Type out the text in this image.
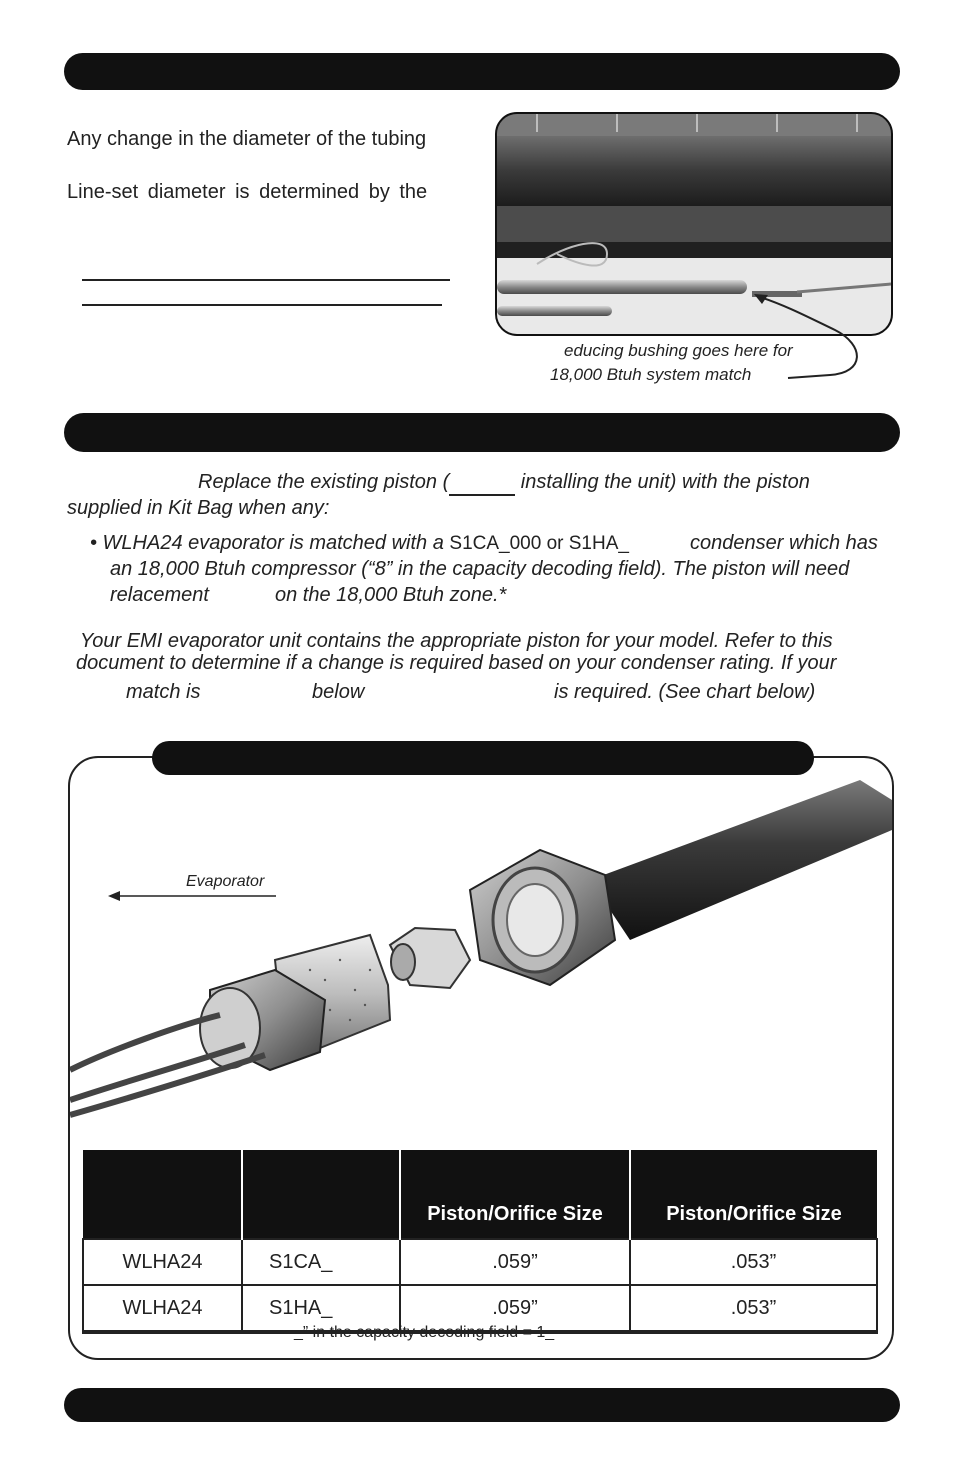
Any change in the diameter of the tubing
Line-set diameter is determined by the
educing bushing goes here for
18,000 Btuh system match
Replace the existing piston (	installing the unit) with the piston
supplied in Kit Bag when any:
• WLHA24 evaporator is matched with a S1CA_000 or S1HA_	condenser which has
an 18,000 Btuh compressor (“8” in the capacity decoding field). The piston will need
relacement	on the 18,000 Btuh zone.*
Your EMI evaporator unit contains the appropriate piston for your model. Refer to this
document to determine if a change is required based on your condenser rating. If your
match is	below	is required. (See chart below)
Evaporator
		Piston/Orifice Size	Piston/Orifice Size
WLHA24	S1CA_	.059”	.053”
WLHA24	S1HA_	.059”	.053”
_” in the capacity decoding field = 1_
